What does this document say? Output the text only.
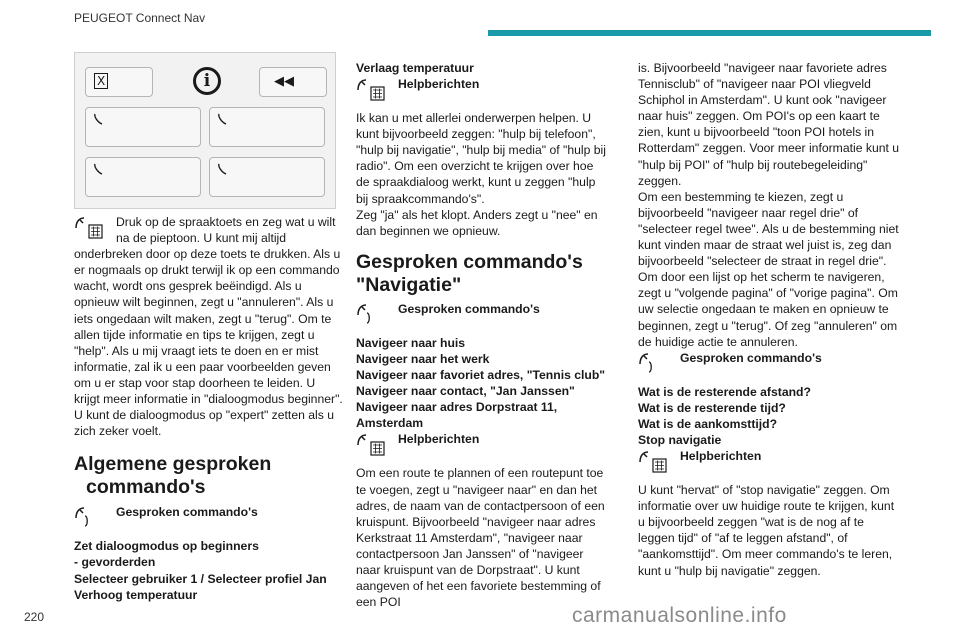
PEUGEOT Connect Nav
X	i	◀◀

Druk op de spraaktoets en zeg wat u wilt

na de pieptoon. U kunt mij altijd

onderbreken door op deze toets te drukken. Als u er nogmaals op drukt terwijl ik op een commando wacht, wordt ons gesprek beëindigd. Als u opnieuw wilt beginnen, zegt u "annuleren". Als u iets ongedaan wilt maken, zegt u "terug". Om te allen tijde informatie en tips te krijgen, zegt u "help". Als u mij vraagt iets te doen en er mist informatie, zal ik u een paar voorbeelden geven om u er stap voor stap doorheen te leiden. U krijgt meer informatie in "dialoogmodus beginner". U kunt de dialoogmodus op "expert" zetten als u zich zeker voelt.

Algemene gesproken

commando's

Gesproken commando's

Zet dialoogmodus op beginners

- gevorderden

Selecteer gebruiker 1 / Selecteer profiel Jan

Verhoog temperatuur

Verlaag temperatuur

Helpberichten

Ik kan u met allerlei onderwerpen helpen. U kunt bijvoorbeeld zeggen: "hulp bij telefoon", "hulp bij navigatie", "hulp bij media" of "hulp bij radio". Om een overzicht te krijgen over hoe de spraakdialoog werkt, kunt u zeggen "hulp bij spraakcommando's".

Zeg "ja" als het klopt. Anders zegt u "nee" en dan beginnen we opnieuw.

Gesproken commando's

"Navigatie"

Gesproken commando's

Navigeer naar huis

Navigeer naar het werk

Navigeer naar favoriet adres, "Tennis club"

Navigeer naar contact, "Jan Janssen"

Navigeer naar adres Dorpstraat 11,

Amsterdam

Helpberichten

Om een route te plannen of een routepunt toe te voegen, zegt u "navigeer naar" en dan het adres, de naam van de contactpersoon of een kruispunt. Bijvoorbeeld "navigeer naar adres Kerkstraat 11 Amsterdam", "navigeer naar contactpersoon Jan Janssen" of "navigeer naar kruispunt van de Dorpstraat". U kunt aangeven of het een favoriete bestemming of een POI

is. Bijvoorbeeld "navigeer naar favoriete adres Tennisclub" of "navigeer naar POI vliegveld Schiphol in Amsterdam". U kunt ook "navigeer naar huis" zeggen. Om POI's op een kaart te zien, kunt u bijvoorbeeld "toon POI hotels in Rotterdam" zeggen. Voor meer informatie kunt u "hulp bij POI" of "hulp bij routebegeleiding" zeggen.

Om een bestemming te kiezen, zegt u bijvoorbeeld "navigeer naar regel drie" of "selecteer regel twee". Als u de bestemming niet kunt vinden maar de straat wel juist is, zeg dan bijvoorbeeld "selecteer de straat in regel drie". Om door een lijst op het scherm te navigeren, zegt u "volgende pagina" of "vorige pagina". Om uw selectie ongedaan te maken en opnieuw te beginnen, zegt u "terug". Of zeg "annuleren" om de huidige actie te annuleren.

Gesproken commando's

Wat is de resterende afstand?

Wat is de resterende tijd?

Wat is de aankomsttijd?

Stop navigatie

Helpberichten

U kunt "hervat" of "stop navigatie" zeggen. Om informatie over uw huidige route te krijgen, kunt u bijvoorbeeld zeggen "wat is de nog af te leggen tijd" of "af te leggen afstand", of "aankomsttijd". Om meer commando's te leren, kunt u "hulp bij navigatie" zeggen.

220	carmanualsonline.info
